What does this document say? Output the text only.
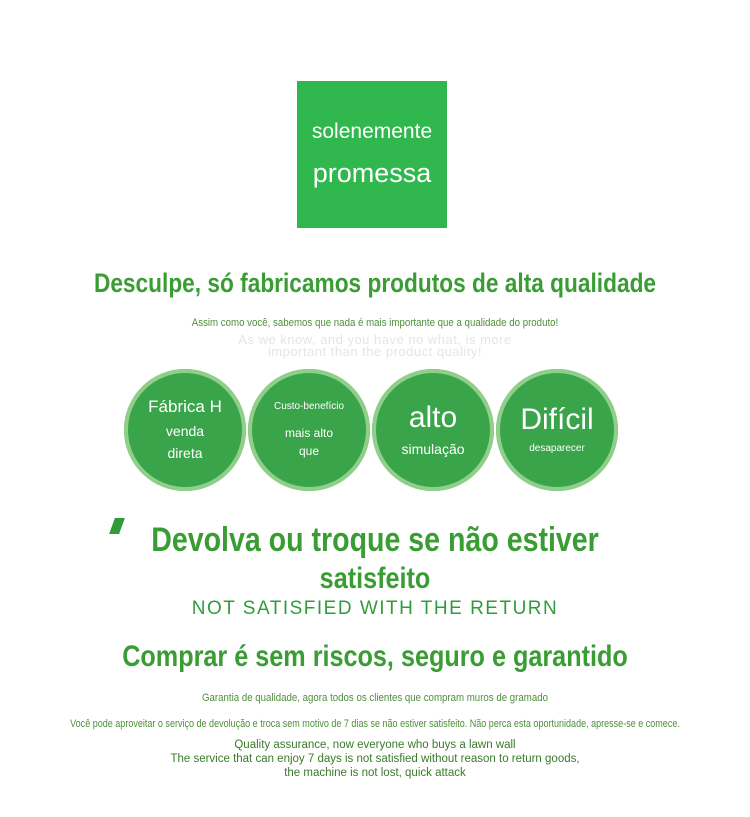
solenemente
promessa
Desculpe, só fabricamos produtos de alta qualidade
Assim como você, sabemos que nada é mais importante que a qualidade do produto!
As we know, and you have no what, is more
important than the product quality!
Fábrica H
venda
direta
Custo-benefício
mais alto
que
alto
simulação
Difícil
desaparecer
Devolva ou troque se não estiver
satisfeito
NOT SATISFIED WITH THE RETURN
Comprar é sem riscos, seguro e garantido
Garantia de qualidade, agora todos os clientes que compram muros de gramado
Você pode aproveitar o serviço de devolução e troca sem motivo de 7 dias se não estiver satisfeito. Não perca esta oportunidade, apresse-se e comece.
Quality assurance, now everyone who buys a lawn wall
The service that can enjoy 7 days is not satisfied without reason to return goods,
the machine is not lost, quick attack
